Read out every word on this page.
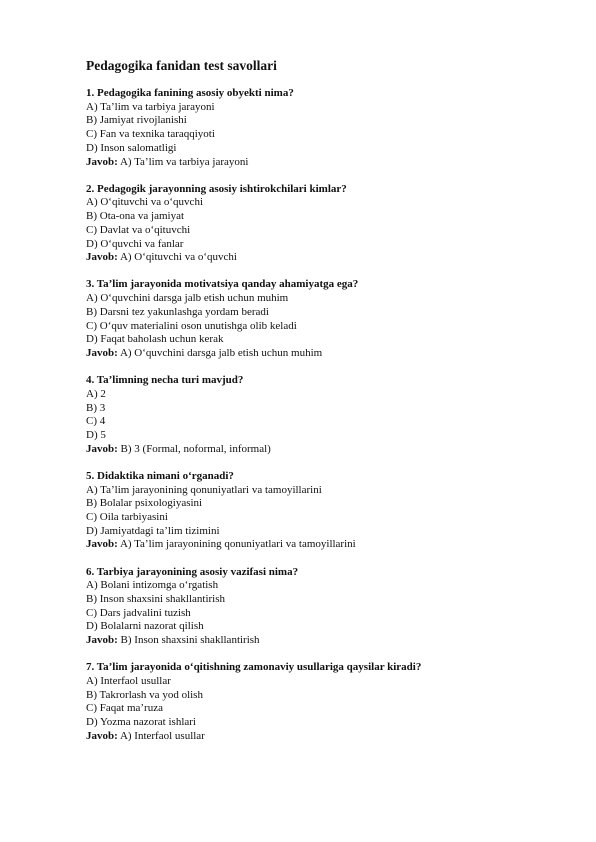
Pedagogika fanidan test savollari
1. Pedagogika fanining asosiy obyekti nima?
A) Ta’lim va tarbiya jarayoni
B) Jamiyat rivojlanishi
C) Fan va texnika taraqqiyoti
D) Inson salomatligi
Javob: A) Ta’lim va tarbiya jarayoni
2. Pedagogik jarayonning asosiy ishtirokchilari kimlar?
A) O‘qituvchi va o‘quvchi
B) Ota-ona va jamiyat
C) Davlat va o‘qituvchi
D) O‘quvchi va fanlar
Javob: A) O‘qituvchi va o‘quvchi
3. Ta’lim jarayonida motivatsiya qanday ahamiyatga ega?
A) O‘quvchini darsga jalb etish uchun muhim
B) Darsni tez yakunlashga yordam beradi
C) O‘quv materialini oson unutishga olib keladi
D) Faqat baholash uchun kerak
Javob: A) O‘quvchini darsga jalb etish uchun muhim
4. Ta’limning necha turi mavjud?
A) 2
B) 3
C) 4
D) 5
Javob: B) 3 (Formal, noformal, informal)
5. Didaktika nimani o‘rganadi?
A) Ta’lim jarayonining qonuniyatlari va tamoyillarini
B) Bolalar psixologiyasini
C) Oila tarbiyasini
D) Jamiyatdagi ta’lim tizimini
Javob: A) Ta’lim jarayonining qonuniyatlari va tamoyillarini
6. Tarbiya jarayonining asosiy vazifasi nima?
A) Bolani intizomga o‘rgatish
B) Inson shaxsini shakllantirish
C) Dars jadvalini tuzish
D) Bolalarni nazorat qilish
Javob: B) Inson shaxsini shakllantirish
7. Ta’lim jarayonida o‘qitishning zamonaviy usullariga qaysilar kiradi?
A) Interfaol usullar
B) Takrorlash va yod olish
C) Faqat ma’ruza
D) Yozma nazorat ishlari
Javob: A) Interfaol usullar
